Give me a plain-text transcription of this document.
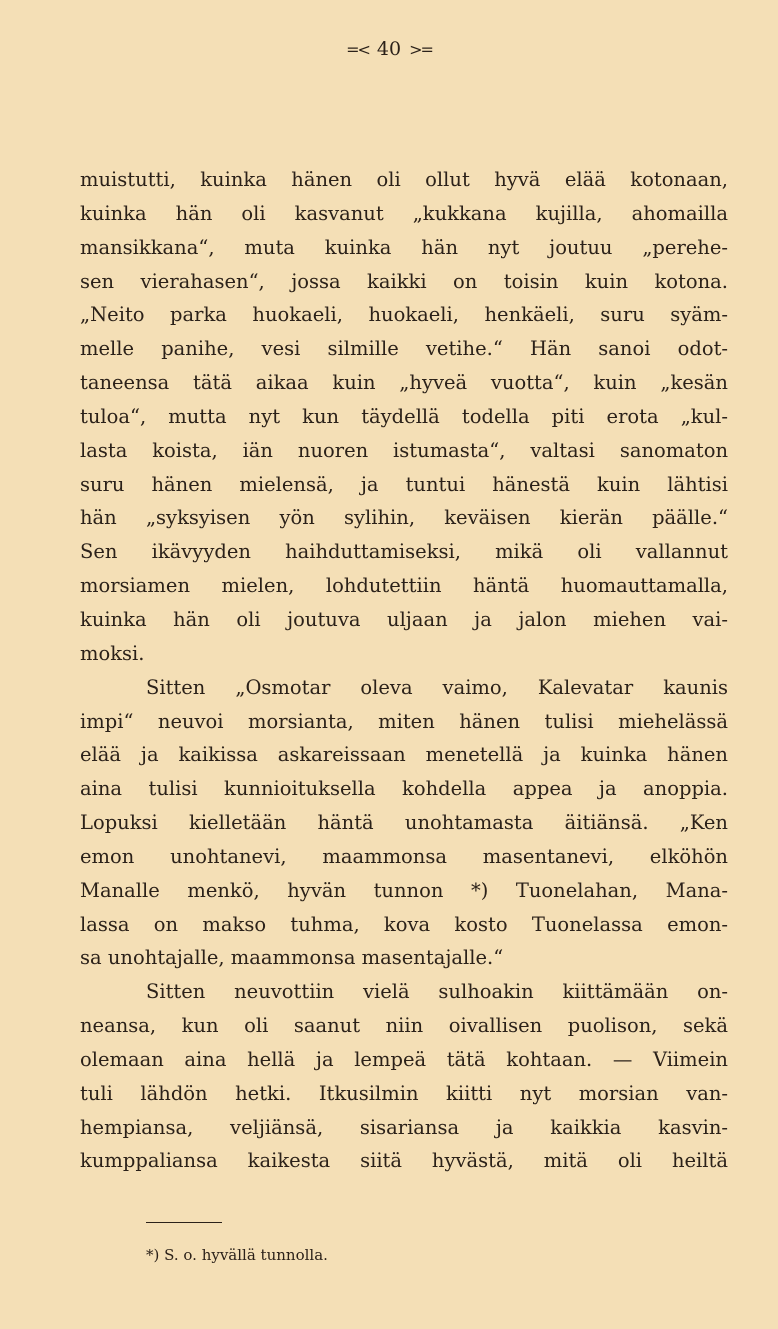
=< 40 >=
muistutti, kuinka hänen oli ollut hyvä elää kotonaan,
kuinka hän oli kasvanut „kukkana kujilla, ahomailla
mansikkana“, muta kuinka hän nyt joutuu „perehe-
sen vierahasen“, jossa kaikki on toisin kuin kotona.
„Neito parka huokaeli, huokaeli, henkäeli, suru syäm-
melle panihe, vesi silmille vetihe.“ Hän sanoi odot-
taneensa tätä aikaa kuin „hyveä vuotta“, kuin „kesän
tuloa“, mutta nyt kun täydellä todella piti erota „kul-
lasta koista, iän nuoren istumasta“, valtasi sanomaton
suru hänen mielensä, ja tuntui hänestä kuin lähtisi
hän „syksyisen yön sylihin, keväisen kierän päälle.“
Sen ikävyyden haihduttamiseksi, mikä oli vallannut
morsiamen mielen, lohdutettiin häntä huomauttamalla,
kuinka hän oli joutuva uljaan ja jalon miehen vai-
moksi.
Sitten „Osmotar oleva vaimo, Kalevatar kaunis
impi“ neuvoi morsianta, miten hänen tulisi miehelässä
elää ja kaikissa askareissaan menetellä ja kuinka hänen
aina tulisi kunnioituksella kohdella appea ja anoppia.
Lopuksi kielletään häntä unohtamasta äitiänsä. „Ken
emon unohtanevi, maammonsa masentanevi, elköhön
Manalle menkö, hyvän tunnon *) Tuonelahan, Mana-
lassa on makso tuhma, kova kosto Tuonelassa emon-
sa unohtajalle, maammonsa masentajalle.“
Sitten neuvottiin vielä sulhoakin kiittämään on-
neansa, kun oli saanut niin oivallisen puolison, sekä
olemaan aina hellä ja lempeä tätä kohtaan. — Viimein
tuli lähdön hetki. Itkusilmin kiitti nyt morsian van-
hempiansa, veljiänsä, sisariansa ja kaikkia kasvin-
kumppaliansa kaikesta siitä hyvästä, mitä oli heiltä
*) S. o. hyvällä tunnolla.
